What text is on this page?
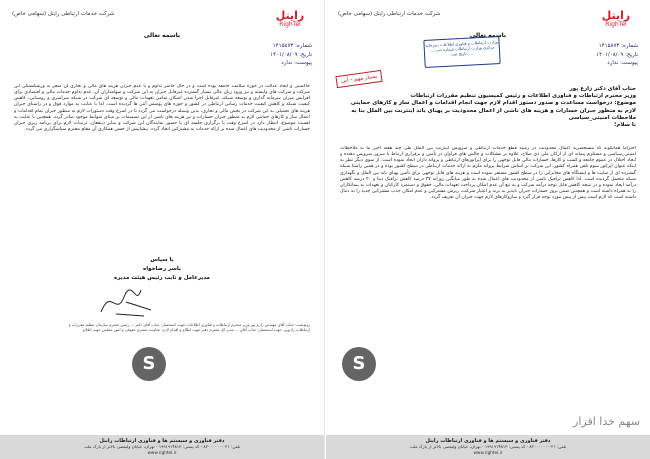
رایتل
RighTel
شرکت خدمات ارتباطی رایتل (سهامی خاص)
باسمه تعالی
شماره: ۱۴۱۵۸۷۳
تاریخ: ۱۴۰۱/۰۸/۰۹
پیوست: ندارد
حاکمیتی و ایجاد عدالت در حوزه سلامت جامعه بوده است و در حال حاضر تداوم و یا عدم جبران هزینه های مالی و تجاری آن منجر به ورشکستگی این شرکت و شرکت های وابسته و نیز ورود زیان مالی بسیار گسترده غیرقابل جبران به این شرکت و سهامداران آن، عدم تداوم خدمات مالی و اقتصادی برای افزایش میزان سرمایه گذاری و توسعه شبکه، غیرقابل اجرا شدن اسکان تمامی تعهدات مالی و توسعه ای شرکت در شبکه سراسری و روستایی، کاهش کیفیت شبکه و کاهش کیفیت خدمات رسانی ارتباطی در کشور و حوزه های پوشش آنتن ها گردیده است. لذا با عنایت به موارد فوق و در راستای جبران هزینه های تحمیلی به این شرکت در بخش مالی و تجاری، بدین وسیله درخواست می گردد تا در اسرع وقت دستورات لازم به منظور جبران تمام اقدامات و اعمال ساز و کارهای حمایتی لازم به منظور جبران خسارات و نیز هزینه های ناشی از این تصمیمات بر مبنای ضوابط موجود صادر گردد. همچنین با عنایت به اهمیت موضوع، انتظار دارد در اسرع وقت با برگزاری جلسه ای با حضور نمایندگان این شرکت و سایر ذینفعان، ترتیبات لازم برای برنامه ریزی جبران خسارات ناشی از محدودیت های اعمال شده بر ارائه خدمات به مشترکین اتخاذ گردد. پیشاپیش از حسن همکاری آن مقام محترم سپاسگزاری می گردد.
با سپاس
یاسر رضاخواه
مدیرعامل و نایب رئیس هیئت مدیره
رونوشت: جناب آقای مهندس زارع پور وزیر محترم ارتباطات و فناوری اطلاعات جهت استحضار؛ جناب آقای دکتر ... رئیس محترم سازمان تنظیم مقررات و ارتباطات رادیویی جهت استحضار؛ جناب آقای ... مدیر کل محترم دفتر جهت اطلاع و اقدام لازم؛ معاونت محترم حقوقی و امور مجلس جهت اطلاع.
S
دفتر فناوری و سیستم ها و فناوری ارتباطات رایتل
تلفن: ۰۲۱-۸۲۰۰۰۰۰۰ - کد پستی: ۱۹۹۱۹۱۴۸۱۳ - تهران، خیابان ولیعصر، بالاتر از پارک ملت
www.rightel.ir
رایتل
RighTel
شرکت خدمات ارتباطی رایتل (سهامی خاص)
باسمه تعالی
شماره: ۱۴۱۵۸۷۳
تاریخ: ۱۴۰۱/۰۸/۰۹
پیوست: ندارد
وزارت ارتباطات و فناوری اطلاعات دبیرخانه مرکزی وزارت ارتباطات شماره ثبت: ... تاریخ ثبت: ...
بسیار مهم - آنی
جناب آقای دکتر زارع پور
وزیر محترم ارتباطات و فناوری اطلاعات و رئیس کمیسیون تنظیم مقررات ارتباطات
موضوع: درخواست مساعدت و صدور دستور اقدام لازم جهت انجام اقدامات و اعمال ساز و کارهای حمایتی لازم به منظور جبران خسارات و هزینه های ناشی از اعمال محدودیت بر پهنای باند اینترنت بین الملل بنا به ملاحظات امنیتی_سیاسی
با سلام؛
احتراماً همانگونه که مستحضرید اعمال محدودیت در زمینه قطع خدمات ارتباطی و سرویس اینترنت بین الملل طی چند هفته اخیر بنا به ملاحظات امنیتی_سیاسی و مستلزم پیمانه ای از ارکان ملی ذی صلاح، علاوه بر مشکلات و چالش های فراوان در تأمین و برقراری ارتباط با سرور سرویس دهنده و ایجاد اختلال در عموم جامعه و کسب و کارها، خسارات مالی قابل توجهی را برای اپراتورهای ارتباطی و پروانه داران ایجاد نموده است. از سوی دیگر نظر به اینکه عنوان اپراتور سوم تلفن همراه کشور، این شرکت بر اساس شرایط پروانه ملزم به ارائه خدمات ارتباطی در سطح کشور بوده و در همین راستا شبکه گسترده ای از سایت ها و ایستگاه های مخابراتی را در سطح کشور مستقر نموده است و هزینه های قابل توجهی برای تأمین پهنای باند بین الملل و نگهداری شبکه متحمل گردیده است. لذا کاهش ترافیک ناشی از محدودیت های اعمال شده به طور میانگین روزانه ۳۷ درصد کاهش ترافیک دیتا و ۲۰ درصد کاهش درآمد ایجاد نموده و در نتیجه کاهش قابل توجه درآمد شرکت و به تبع آن عدم امکان پرداخت تعهدات مالی، حقوق و دستمزد کارکنان و تعهدات به پیمانکاران را به همراه داشته است و همچنین ضمن بروز خسارات جبران ناپذیر به برند و اعتبار شرکت، ریزش مشترکین و عدم امکان جذب مشترکین جدید را به دنبال داشته است که لازم است پیش از پیش مورد توجه قرار گیرد و سازوکارهای لازم جهت جبران آن تعریف گردد.
S
سهم خدا افزار
دفتر فناوری و سیستم ها و فناوری ارتباطات رایتل
تلفن: ۰۲۱-۸۲۰۰۰۰۰۰ - کد پستی: ۱۹۹۱۹۱۴۸۱۳ - تهران، خیابان ولیعصر، بالاتر از پارک ملت
www.rightel.ir
